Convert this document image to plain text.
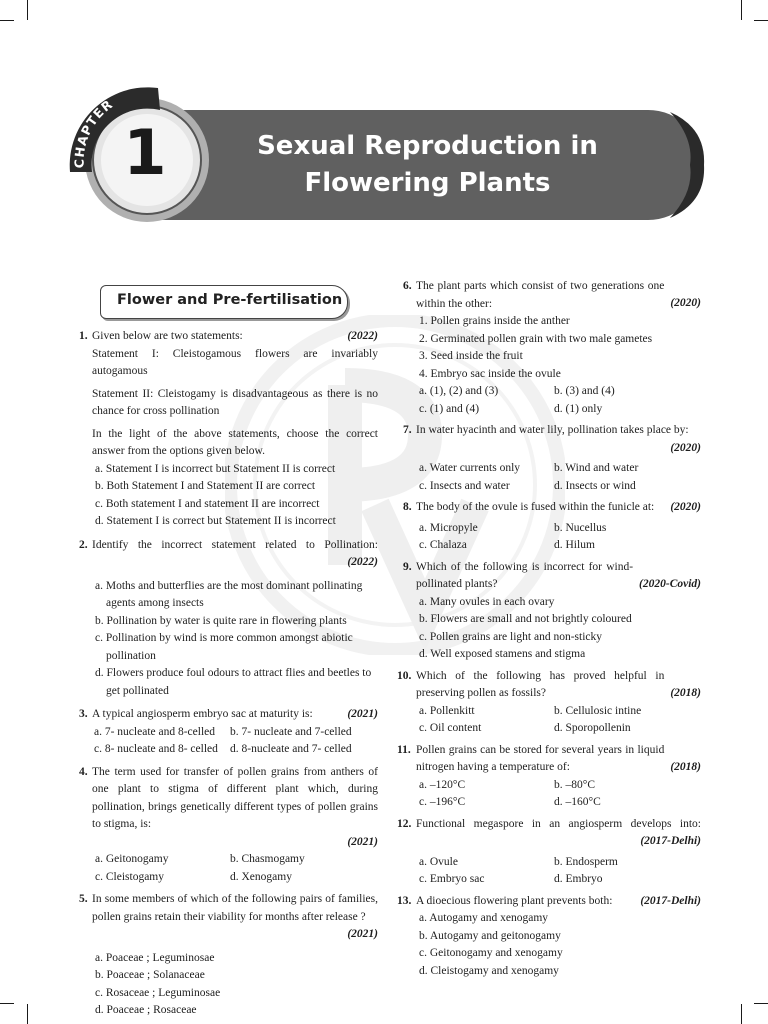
CHAPTER
1	Sexual Reproduction in
Flowering Plants
Flower and Pre-fertilisation
1.	(2022)
Given below are two statements:
Statement I: Cleistogamous flowers are invariably autogamous
Statement II: Cleistogamy is disadvantageous as there is no chance for cross pollination
In the light of the above statements, choose the correct answer from the options given below.
a. Statement I is incorrect but Statement II is correct
b. Both Statement I and Statement II are correct
c. Both statement I and statement II are incorrect
d. Statement I is correct but Statement II is incorrect
2. Identify the incorrect statement related to Pollination:
(2022)
a. Moths and butterflies are the most dominant pollinating agents among insects
b. Pollination by water is quite rare in flowering plants
c. Pollination by wind is more common amongst abiotic pollination
d. Flowers produce foul odours to attract flies and beetles to get pollinated
3.	(2021)
A typical angiosperm embryo sac at maturity is:
a. 7- nucleate and 8-celled	b. 7- nucleate and 7-celled
c. 8- nucleate and 8- celled	d. 8-nucleate and 7- celled
4. The term used for transfer of pollen grains from anthers of one plant to stigma of different plant which, during pollination, brings genetically different types of pollen grains to stigma, is:
(2021)
a. Geitonogamy	b. Chasmogamy
c. Cleistogamy	d. Xenogamy
5. In some members of which of the following pairs of families, pollen grains retain their viability for months after release ?
(2021)
a. Poaceae ; Leguminosae
b. Poaceae ; Solanaceae
c. Rosaceae ; Leguminosae
d. Poaceae ; Rosaceae
6.
(2020)
The plant parts which consist of two generations one within the other:
1. Pollen grains inside the anther
2. Germinated pollen grain with two male gametes
3. Seed inside the fruit
4. Embryo sac inside the ovule
a. (1), (2) and (3)	b. (3) and (4)
c. (1) and (4)	d. (1) only
7. In water hyacinth and water lily, pollination takes place by:
(2020)
a. Water currents only	b. Wind and water
c. Insects and water	d. Insects or wind
8.	(2020)
The body of the ovule is fused within the funicle at:
a. Micropyle	b. Nucellus
c. Chalaza	d. Hilum
9.
(2020-Covid)
Which of the following is incorrect for wind-pollinated plants?
a. Many ovules in each ovary
b. Flowers are small and not brightly coloured
c. Pollen grains are light and non-sticky
d. Well exposed stamens and stigma
10.
(2018)
Which of the following has proved helpful in preserving pollen as fossils?
a. Pollenkitt	b. Cellulosic intine
c. Oil content	d. Sporopollenin
11.
(2018)
Pollen grains can be stored for several years in liquid nitrogen having a temperature of:
a. –120°C	b. –80°C
c. –196°C	d. –160°C
12. Functional megaspore in an angiosperm develops into:
(2017-Delhi)
a. Ovule	b. Endosperm
c. Embryo sac	d. Embryo
13.	(2017-Delhi)
A dioecious flowering plant prevents both:
a. Autogamy and xenogamy
b. Autogamy and geitonogamy
c. Geitonogamy and xenogamy
d. Cleistogamy and xenogamy
